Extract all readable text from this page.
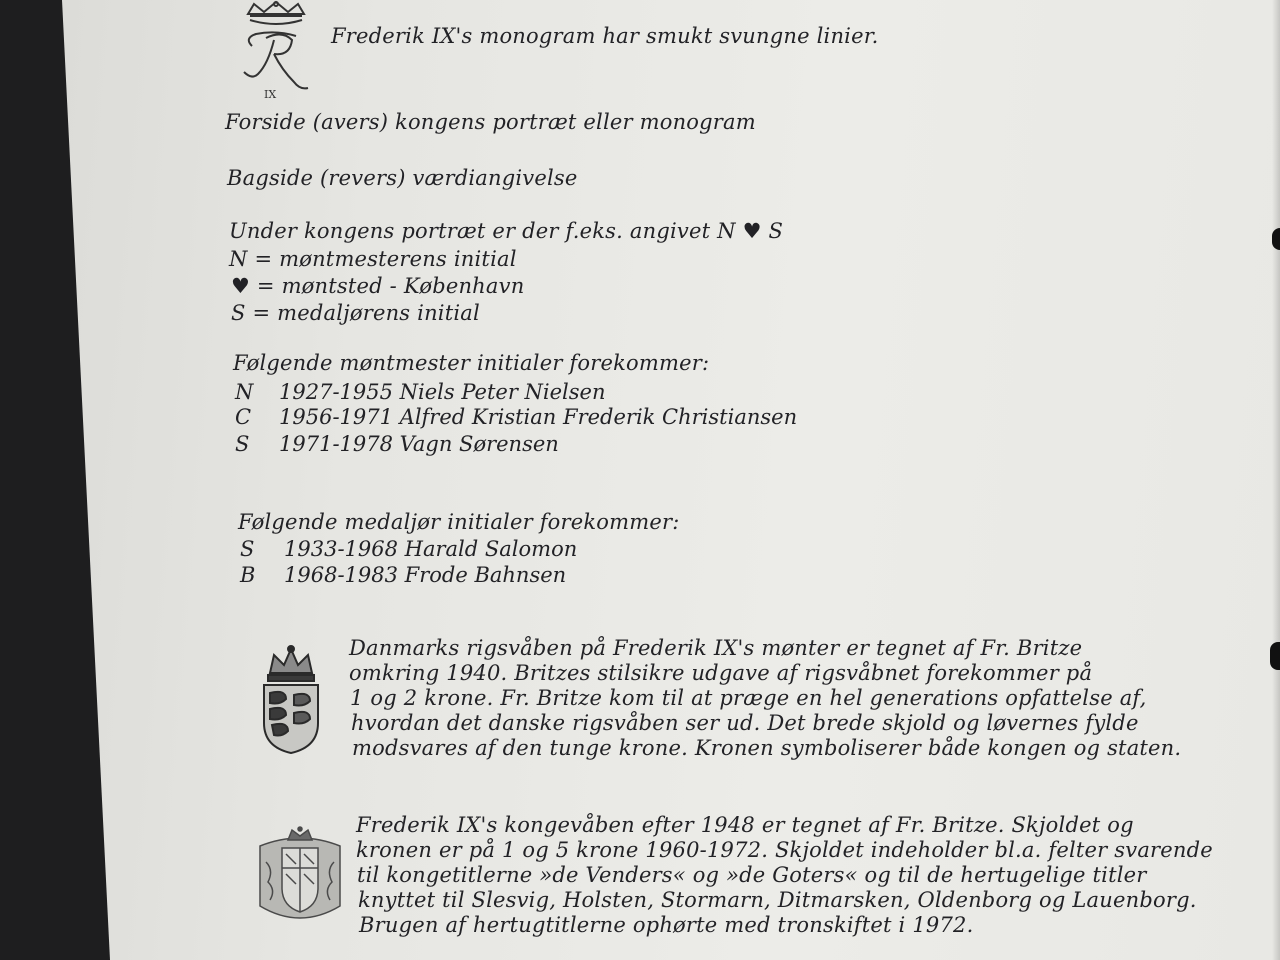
IX
Frederik IX's monogram har smukt svungne linier.
Forside (avers) kongens portræt eller monogram
Bagside (revers) værdiangivelse
Under kongens portræt er der f.eks. angivet N ♥ S
N = møntmesterens initial
♥ = møntsted - København
S = medaljørens initial
Følgende møntmester initialer forekommer:
N 1927-1955 Niels Peter Nielsen
C 1956-1971 Alfred Kristian Frederik Christiansen
S 1971-1978 Vagn Sørensen
Følgende medaljør initialer forekommer:
S 1933-1968 Harald Salomon
B 1968-1983 Frode Bahnsen
Danmarks rigsvåben på Frederik IX's mønter er tegnet af Fr. Britze
omkring 1940. Britzes stilsikre udgave af rigsvåbnet forekommer på
1 og 2 krone. Fr. Britze kom til at præge en hel generations opfattelse af,
hvordan det danske rigsvåben ser ud. Det brede skjold og løvernes fylde
modsvares af den tunge krone. Kronen symboliserer både kongen og staten.
Frederik IX's kongevåben efter 1948 er tegnet af Fr. Britze. Skjoldet og
kronen er på 1 og 5 krone 1960-1972. Skjoldet indeholder bl.a. felter svarende
til kongetitlerne »de Venders« og »de Goters« og til de hertugelige titler
knyttet til Slesvig, Holsten, Stormarn, Ditmarsken, Oldenborg og Lauenborg.
Brugen af hertugtitlerne ophørte med tronskiftet i 1972.
